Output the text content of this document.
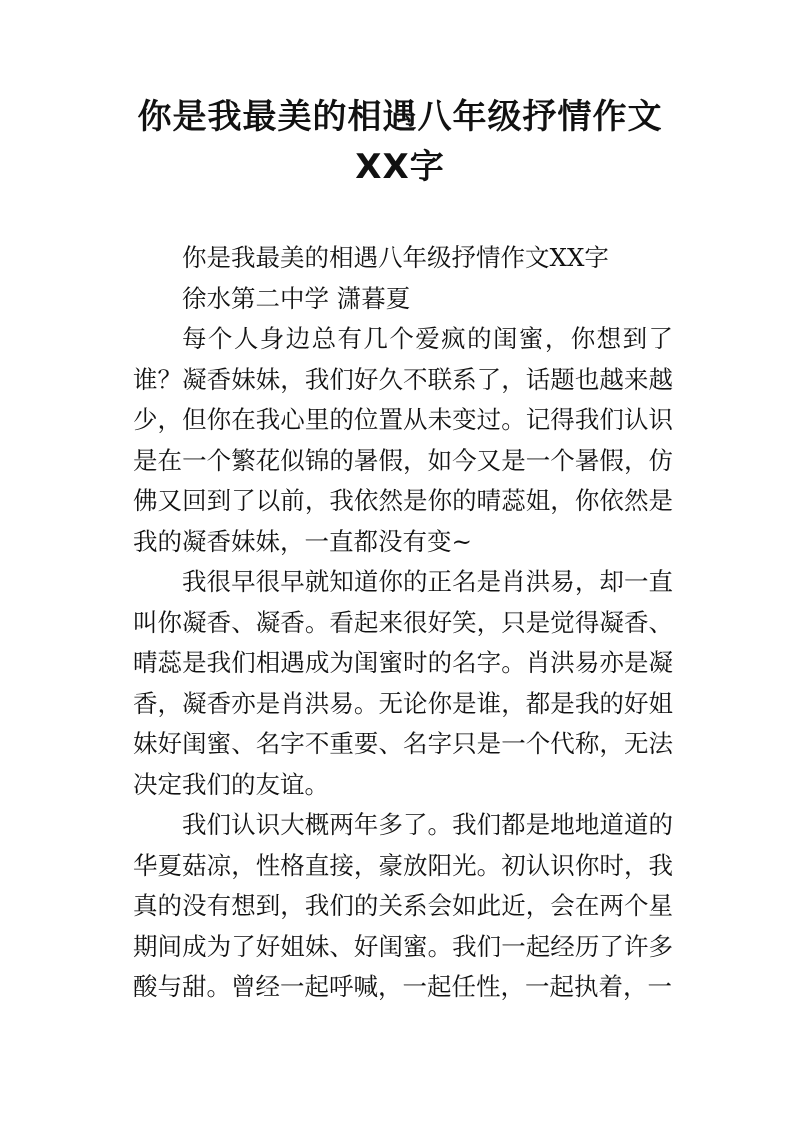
你是我最美的相遇八年级抒情作文XX字

你是我最美的相遇八年级抒情作文XX字

徐水第二中学 潇暮夏

每个人身边总有几个爱疯的闺蜜，你想到了谁？凝香妹妹，我们好久不联系了，话题也越来越少，但你在我心里的位置从未变过。记得我们认识是在一个繁花似锦的暑假，如今又是一个暑假，仿佛又回到了以前，我依然是你的晴蕊姐，你依然是我的凝香妹妹，一直都没有变~

我很早很早就知道你的正名是肖洪易，却一直叫你凝香、凝香。看起来很好笑，只是觉得凝香、晴蕊是我们相遇成为闺蜜时的名字。肖洪易亦是凝香，凝香亦是肖洪易。无论你是谁，都是我的好姐妹好闺蜜、名字不重要、名字只是一个代称，无法决定我们的友谊。

我们认识大概两年多了。我们都是地地道道的华夏菇凉，性格直接，豪放阳光。初认识你时，我真的没有想到，我们的关系会如此近，会在两个星期间成为了好姐妹、好闺蜜。我们一起经历了许多酸与甜。曾经一起呼喊，一起任性，一起执着，一
